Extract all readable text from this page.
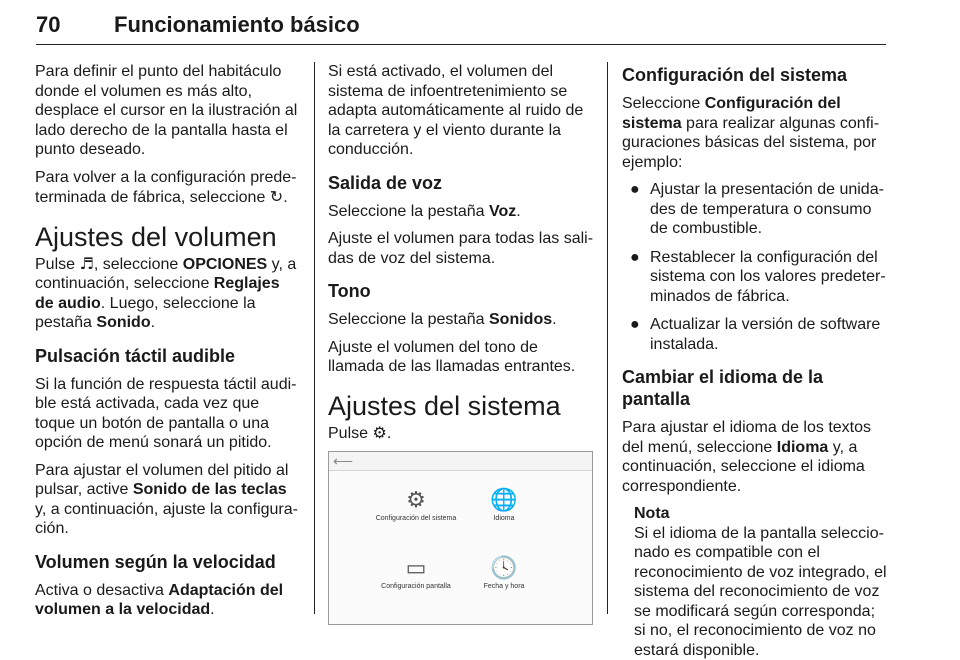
70 Funcionamiento básico

Para definir el punto del habitáculo donde el volumen es más alto, desplace el cursor en la ilustración al lado derecho de la pantalla hasta el punto deseado.

Para volver a la configuración predeterminada de fábrica, seleccione ↻.

Ajustes del volumen

Pulse ♬, seleccione OPCIONES y, a continuación, seleccione Reglajes de audio. Luego, seleccione la pestaña Sonido.

Pulsación táctil audible

Si la función de respuesta táctil audible está activada, cada vez que toque un botón de pantalla o una opción de menú sonará un pitido.

Para ajustar el volumen del pitido al pulsar, active Sonido de las teclas y, a continuación, ajuste la configuración.

Volumen según la velocidad

Activa o desactiva Adaptación del volumen a la velocidad.

Si está activado, el volumen del sistema de infoentretenimiento se adapta automáticamente al ruido de la carretera y el viento durante la conducción.

Salida de voz

Seleccione la pestaña Voz.

Ajuste el volumen para todas las salidas de voz del sistema.

Tono

Seleccione la pestaña Sonidos.

Ajuste el volumen del tono de llamada de las llamadas entrantes.

Ajustes del sistema

Pulse ⚙.

⟵
⚙
Configuración del sistema
🌐
Idioma
▭
Configuración pantalla
🕓
Fecha y hora
Configuración del sistema

Seleccione Configuración del sistema para realizar algunas configuraciones básicas del sistema, por ejemplo:

● Ajustar la presentación de unidades de temperatura o consumo de combustible.
● Restablecer la configuración del sistema con los valores predeterminados de fábrica.
● Actualizar la versión de software instalada.
Cambiar el idioma de la pantalla

Para ajustar el idioma de los textos del menú, seleccione Idioma y, a continuación, seleccione el idioma correspondiente.

Nota
Si el idioma de la pantalla seleccionado es compatible con el reconocimiento de voz integrado, el sistema del reconocimiento de voz se modificará según corresponda; si no, el reconocimiento de voz no estará disponible.
